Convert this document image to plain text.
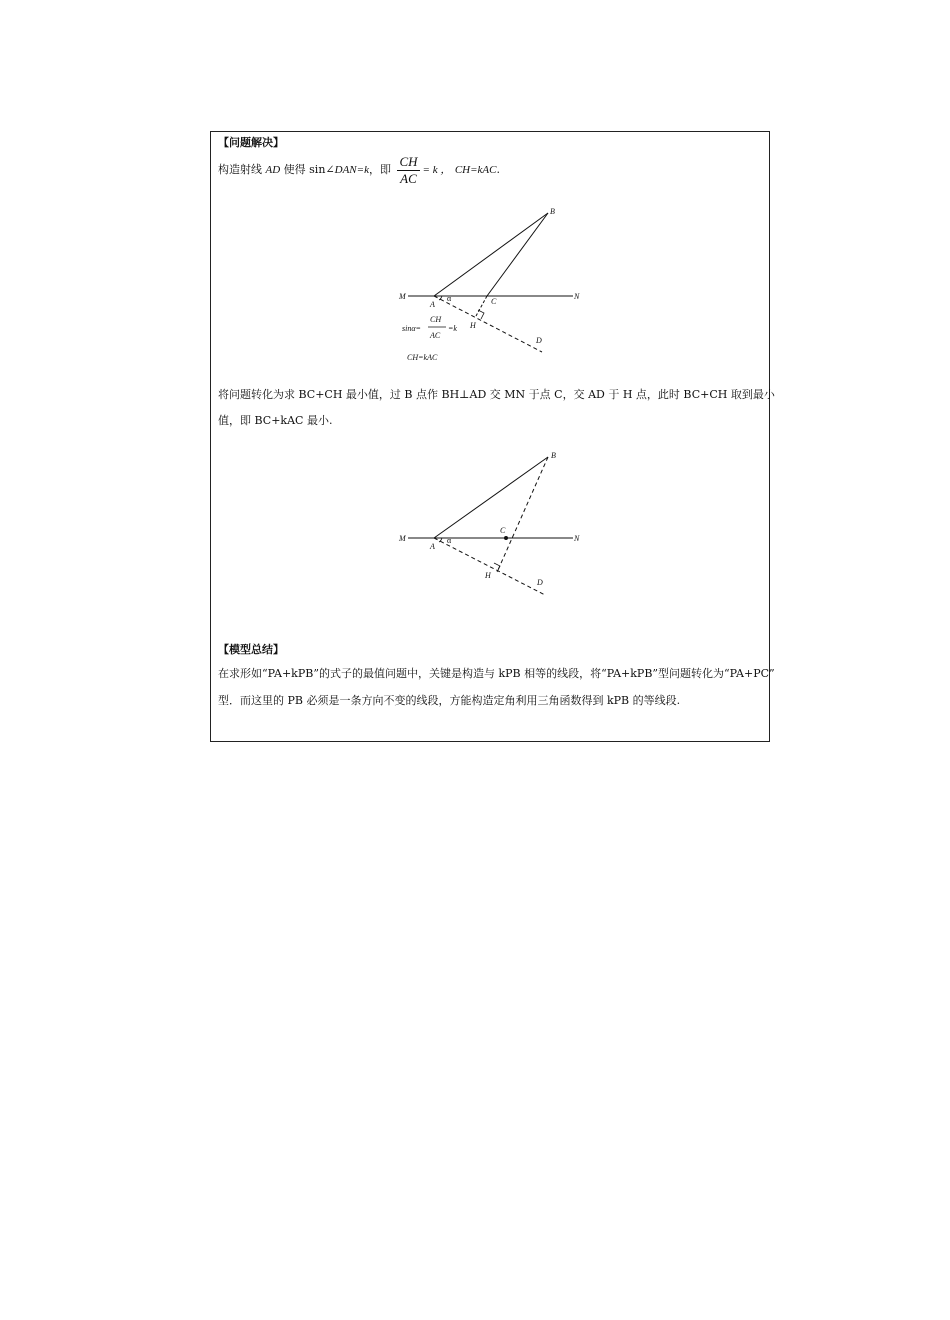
【问题解决】
构造射线 AD 使得 sin∠DAN=k，即 $\frac{CH}{AC} = k$ ， CH=kAC.
B
M	N
A
α	C
H
D
sinα=
CH
AC
=k
CH=kAC
将问题转化为求 BC+CH 最小值，过 B 点作 BH⊥AD 交 MN 于点 C，交 AD 于 H 点，此时 BC+CH 取到最小
值，即 BC+kAC 最小.
B
M	N
A
α
C
H
D
【模型总结】
在求形如“PA+kPB”的式子的最值问题中，关键是构造与 kPB 相等的线段，将“PA+kPB”型问题转化为“PA+PC”
型．而这里的 PB 必须是一条方向不变的线段，方能构造定角利用三角函数得到 kPB 的等线段.
